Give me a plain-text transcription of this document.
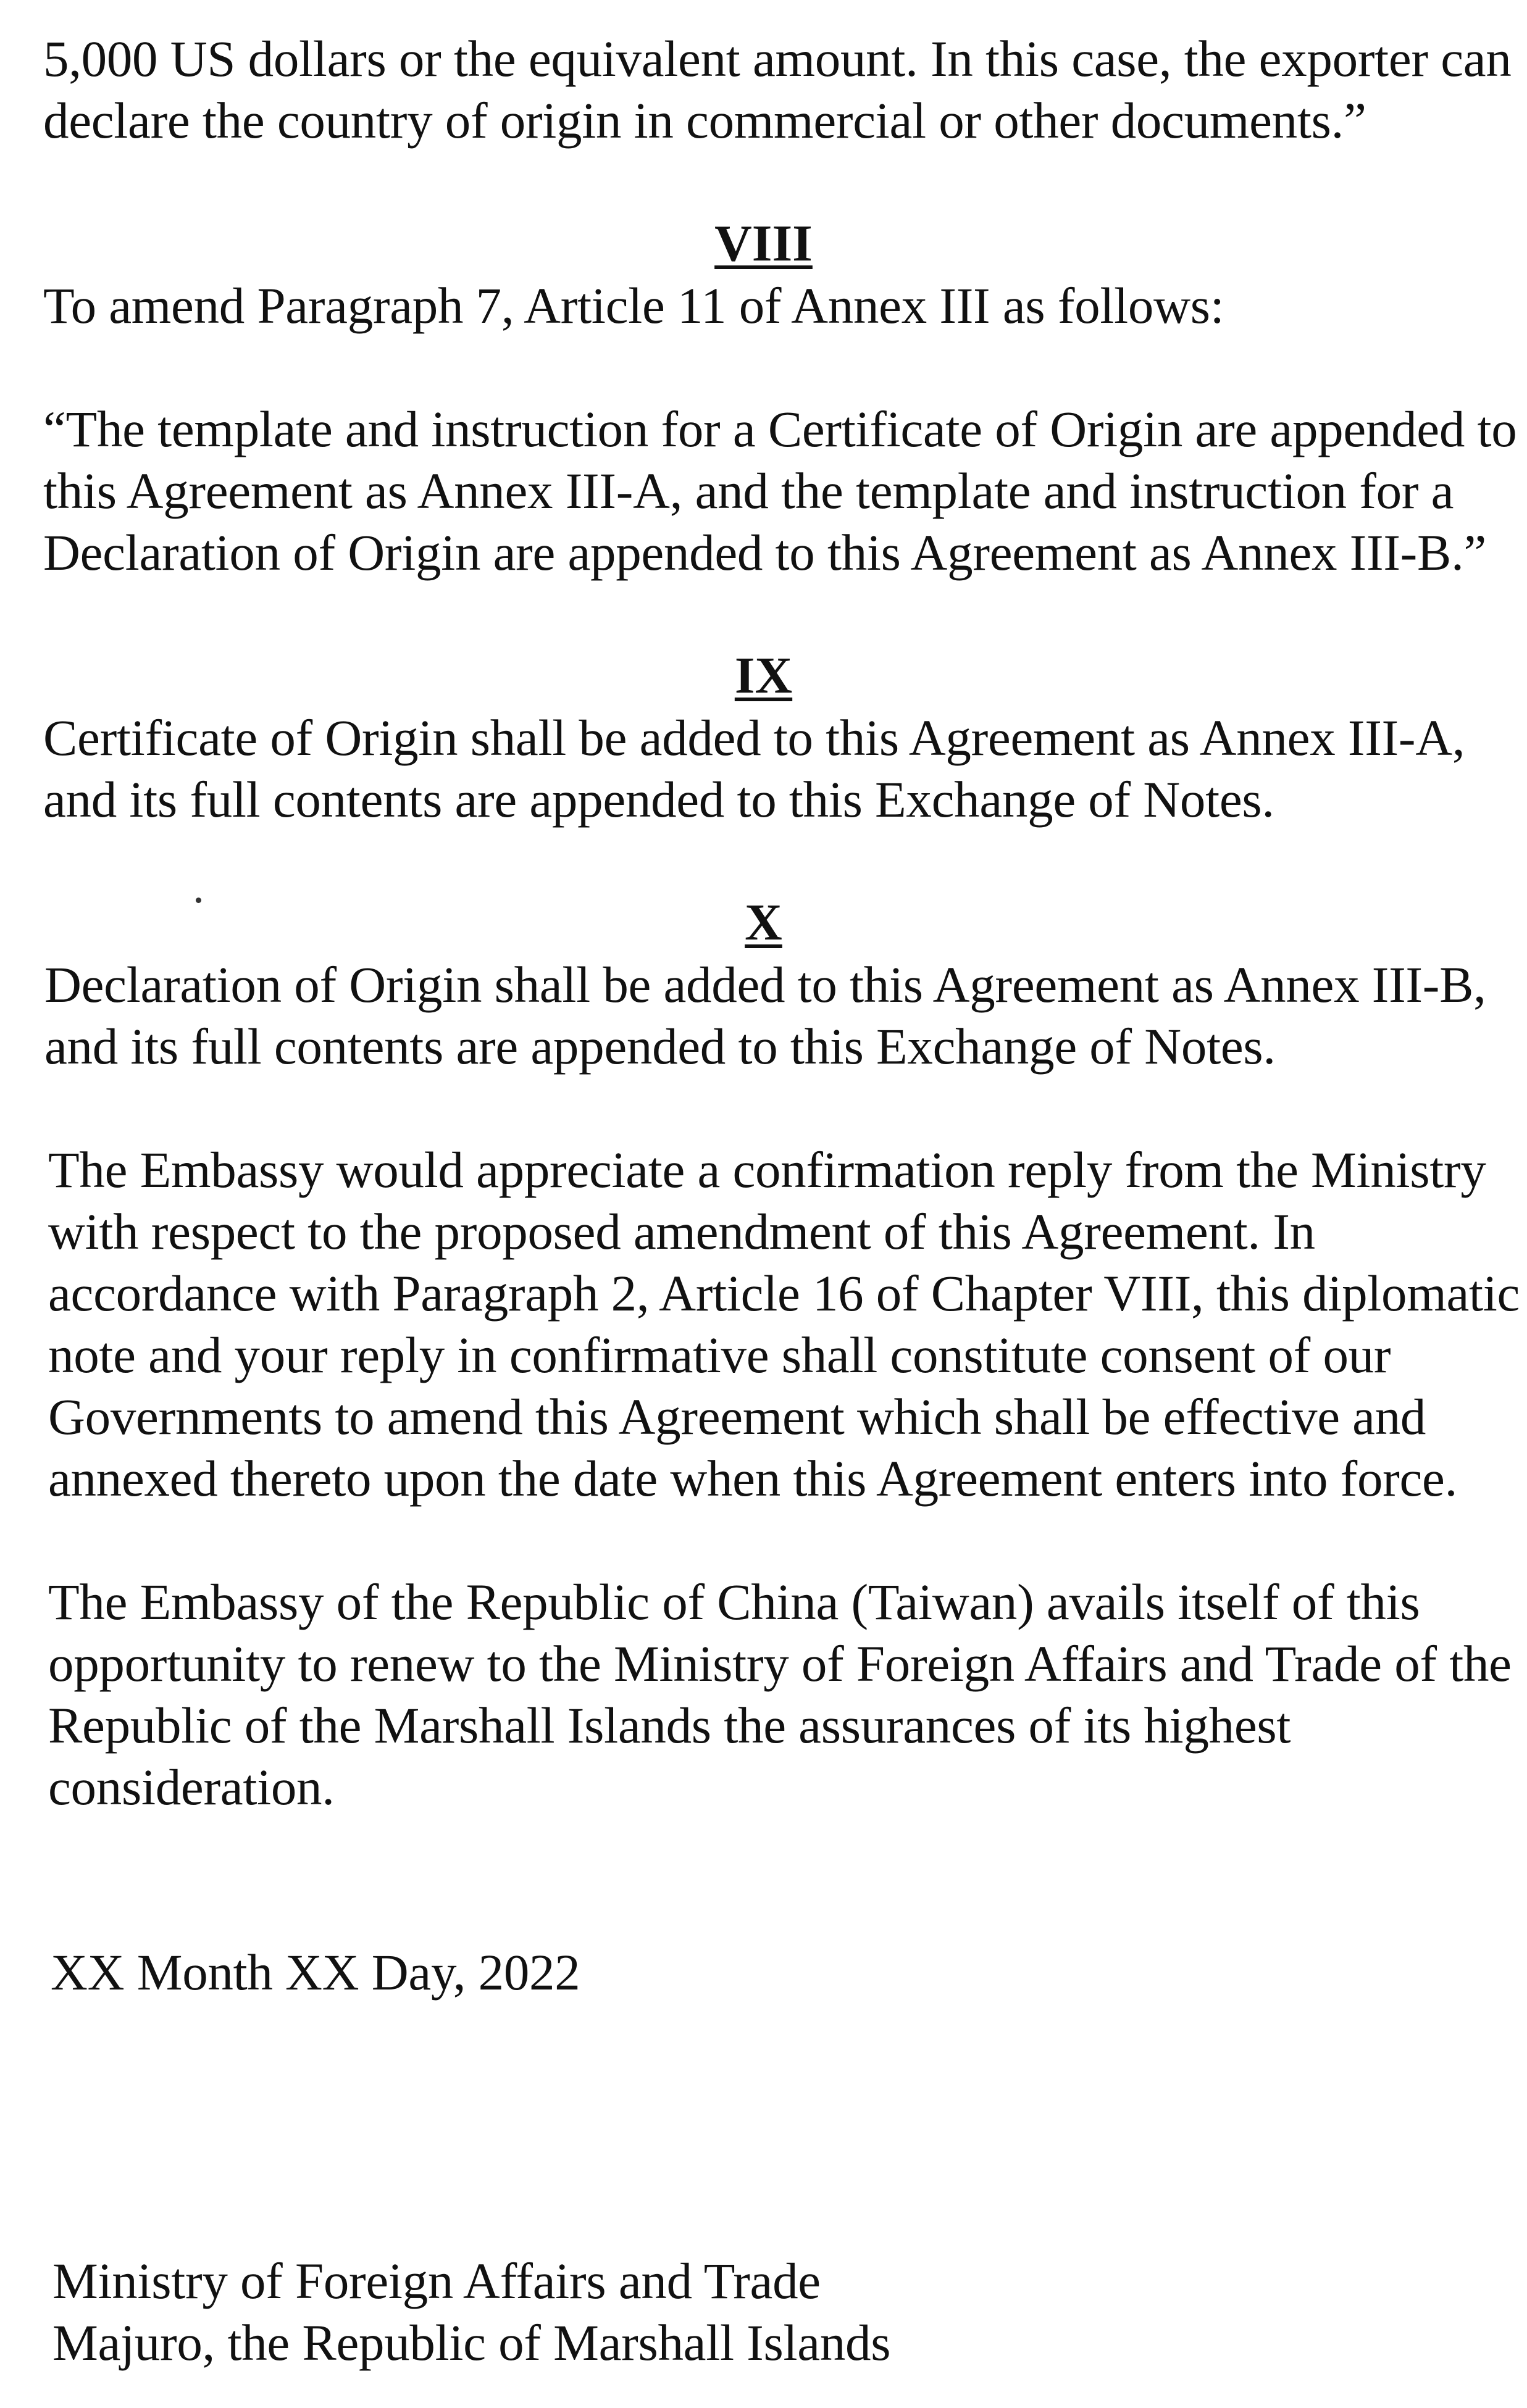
5,000 US dollars or the equivalent amount. In this case, the exporter can
declare the country of origin in commercial or other documents.”
VIII
To amend Paragraph 7, Article 11 of Annex III as follows:
“The template and instruction for a Certificate of Origin are appended to
this Agreement as Annex III-A, and the template and instruction for a
Declaration of Origin are appended to this Agreement as Annex III-B.”
IX
Certificate of Origin shall be added to this Agreement as Annex III-A,
and its full contents are appended to this Exchange of Notes.
X
Declaration of Origin shall be added to this Agreement as Annex III-B,
and its full contents are appended to this Exchange of Notes.
The Embassy would appreciate a confirmation reply from the Ministry
with respect to the proposed amendment of this Agreement. In
accordance with Paragraph 2, Article 16 of Chapter VIII, this diplomatic
note and your reply in confirmative shall constitute consent of our
Governments to amend this Agreement which shall be effective and
annexed thereto upon the date when this Agreement enters into force.
The Embassy of the Republic of China (Taiwan) avails itself of this
opportunity to renew to the Ministry of Foreign Affairs and Trade of the
Republic of the Marshall Islands the assurances of its highest
consideration.
XX Month XX Day, 2022
Ministry of Foreign Affairs and Trade
Majuro, the Republic of Marshall Islands
